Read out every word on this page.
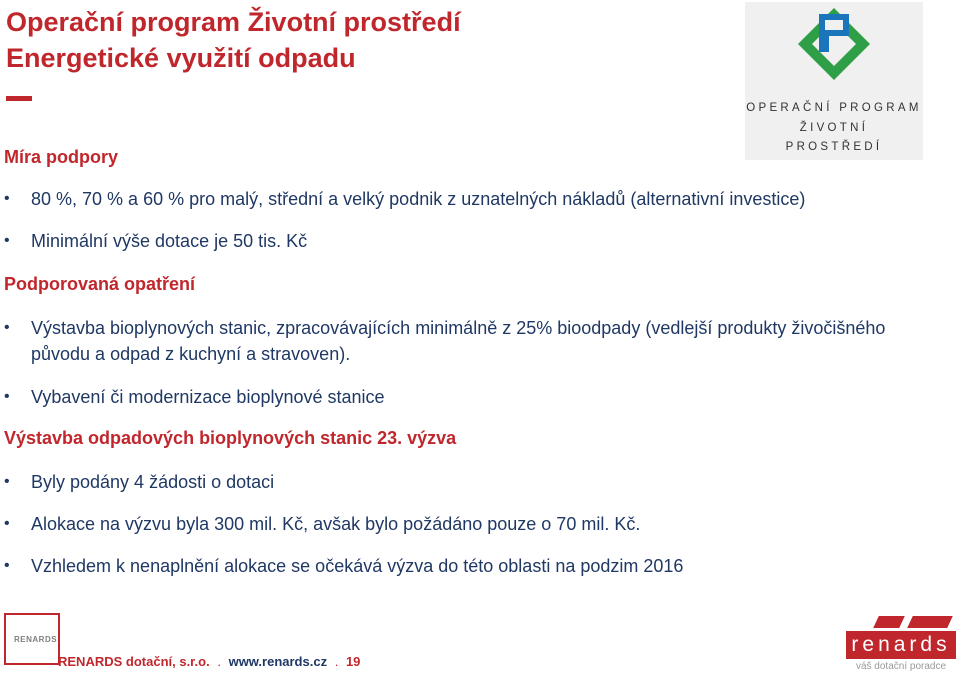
Operační program Životní prostředí
Energetické využití odpadu
OPERAČNÍ PROGRAM
ŽIVOTNÍ
PROSTŘEDÍ
Míra podpory
•	80 %, 70 % a 60 % pro malý, střední a velký podnik z uznatelných nákladů (alternativní investice)
•	Minimální výše dotace je 50 tis. Kč
Podporovaná opatření
•	Výstavba bioplynových stanic, zpracovávajících minimálně z 25% bioodpady (vedlejší produkty živočišného původu a odpad z kuchyní a stravoven).
•	Vybavení či modernizace bioplynové stanice
Výstavba odpadových bioplynových stanic 23. výzva
•	Byly podány 4 žádosti o dotaci
•	Alokace na výzvu byla 300 mil. Kč, avšak bylo požádáno pouze o 70 mil. Kč.
•	Vzhledem k nenaplnění alokace se očekává výzva do této oblasti na podzim 2016
RENARDS
RENARDS dotační, s.r.o. . www.renards.cz . 19
renards
váš dotační poradce
